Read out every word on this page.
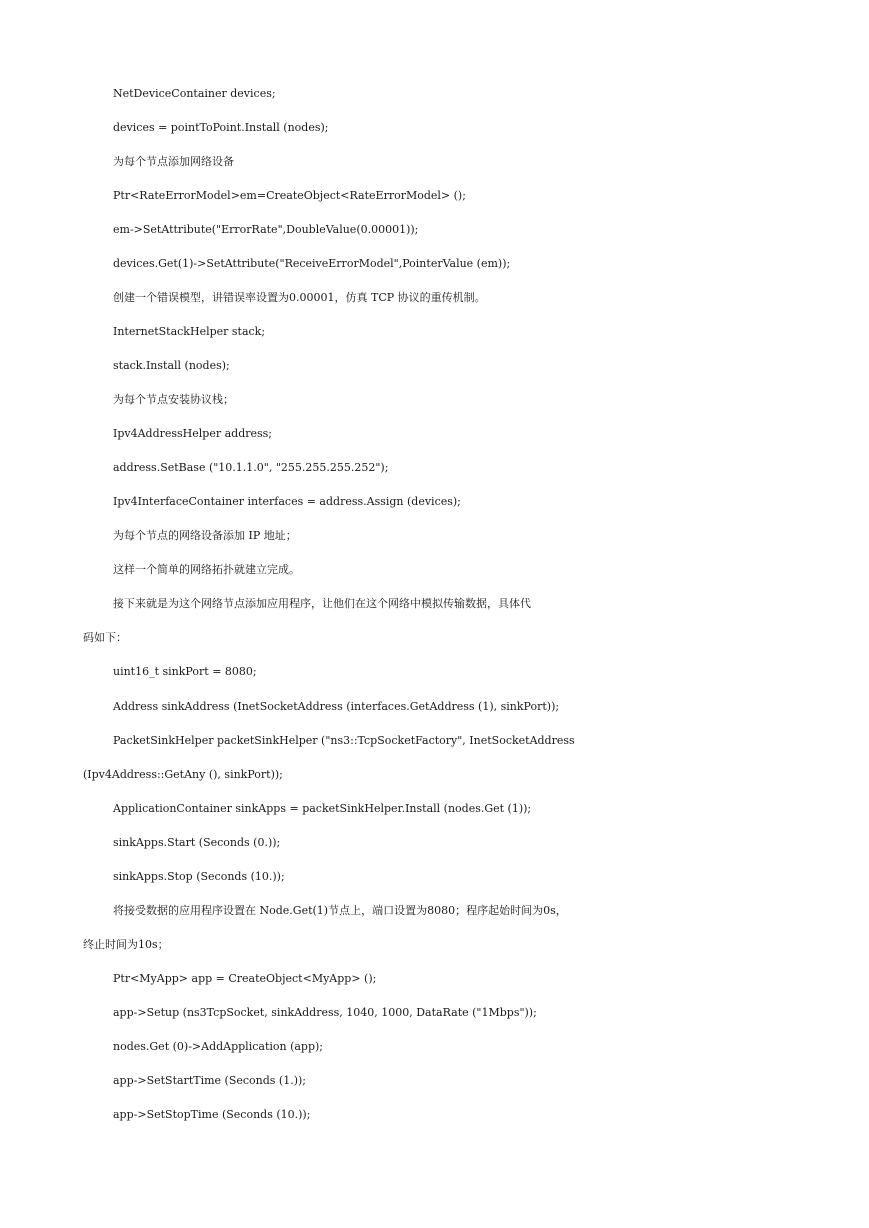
NetDeviceContainer devices;
devices = pointToPoint.Install (nodes);
为每个节点添加网络设备
Ptr<RateErrorModel>em=CreateObject<RateErrorModel> ();
em->SetAttribute("ErrorRate",DoubleValue(0.00001));
devices.Get(1)->SetAttribute("ReceiveErrorModel",PointerValue (em));
创建一个错误模型，讲错误率设置为0.00001，仿真 TCP 协议的重传机制。
InternetStackHelper stack;
stack.Install (nodes);
为每个节点安装协议栈；
Ipv4AddressHelper address;
address.SetBase ("10.1.1.0", "255.255.255.252");
Ipv4InterfaceContainer interfaces = address.Assign (devices);
为每个节点的网络设备添加 IP 地址；
这样一个简单的网络拓扑就建立完成。
接下来就是为这个网络节点添加应用程序，让他们在这个网络中模拟传输数据，具体代
码如下：
uint16_t sinkPort = 8080;
Address sinkAddress (InetSocketAddress (interfaces.GetAddress (1), sinkPort));
PacketSinkHelper packetSinkHelper ("ns3::TcpSocketFactory", InetSocketAddress
(Ipv4Address::GetAny (), sinkPort));
ApplicationContainer sinkApps = packetSinkHelper.Install (nodes.Get (1));
sinkApps.Start (Seconds (0.));
sinkApps.Stop (Seconds (10.));
将接受数据的应用程序设置在 Node.Get(1)节点上，端口设置为8080；程序起始时间为0s，
终止时间为10s；
Ptr<MyApp> app = CreateObject<MyApp> ();
app->Setup (ns3TcpSocket, sinkAddress, 1040, 1000, DataRate ("1Mbps"));
nodes.Get (0)->AddApplication (app);
app->SetStartTime (Seconds (1.));
app->SetStopTime (Seconds (10.));
